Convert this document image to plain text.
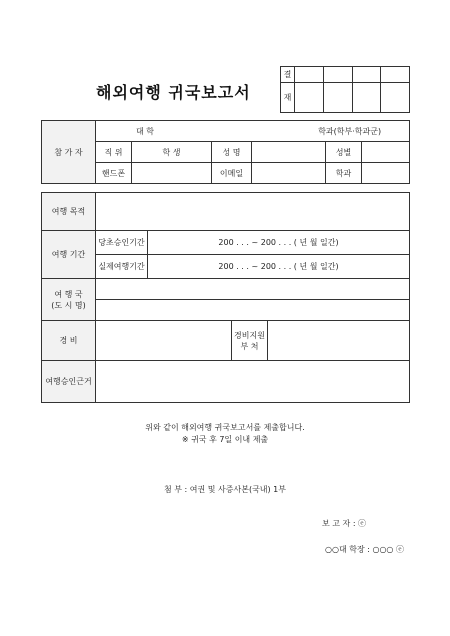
해외여행 귀국보고서
결				
재				
참 가 자	대 학 학과(학부·학과군)					

	직 위	학 생	성 명		성별	
	핸드폰		이메일		학과	
여행 목적				
여행 기간	당초승인기간	200 . . . ~ 200 . . . ( 년 월 일간)		
	실제여행기간	200 . . . ~ 200 . . . ( 년 월 일간)		

여 행 국
(도 시 명)				

경 비			경비지원
부 처	

여행승인근거				
위와 같이 해외여행 귀국보고서를 제출합니다.
※ 귀국 후 7일 이내 제출
첨 부 : 여권 및 사증사본(국내) 1부
보 고 자 : ⓔ
○○대 학장 : ○○○ ⓔ
